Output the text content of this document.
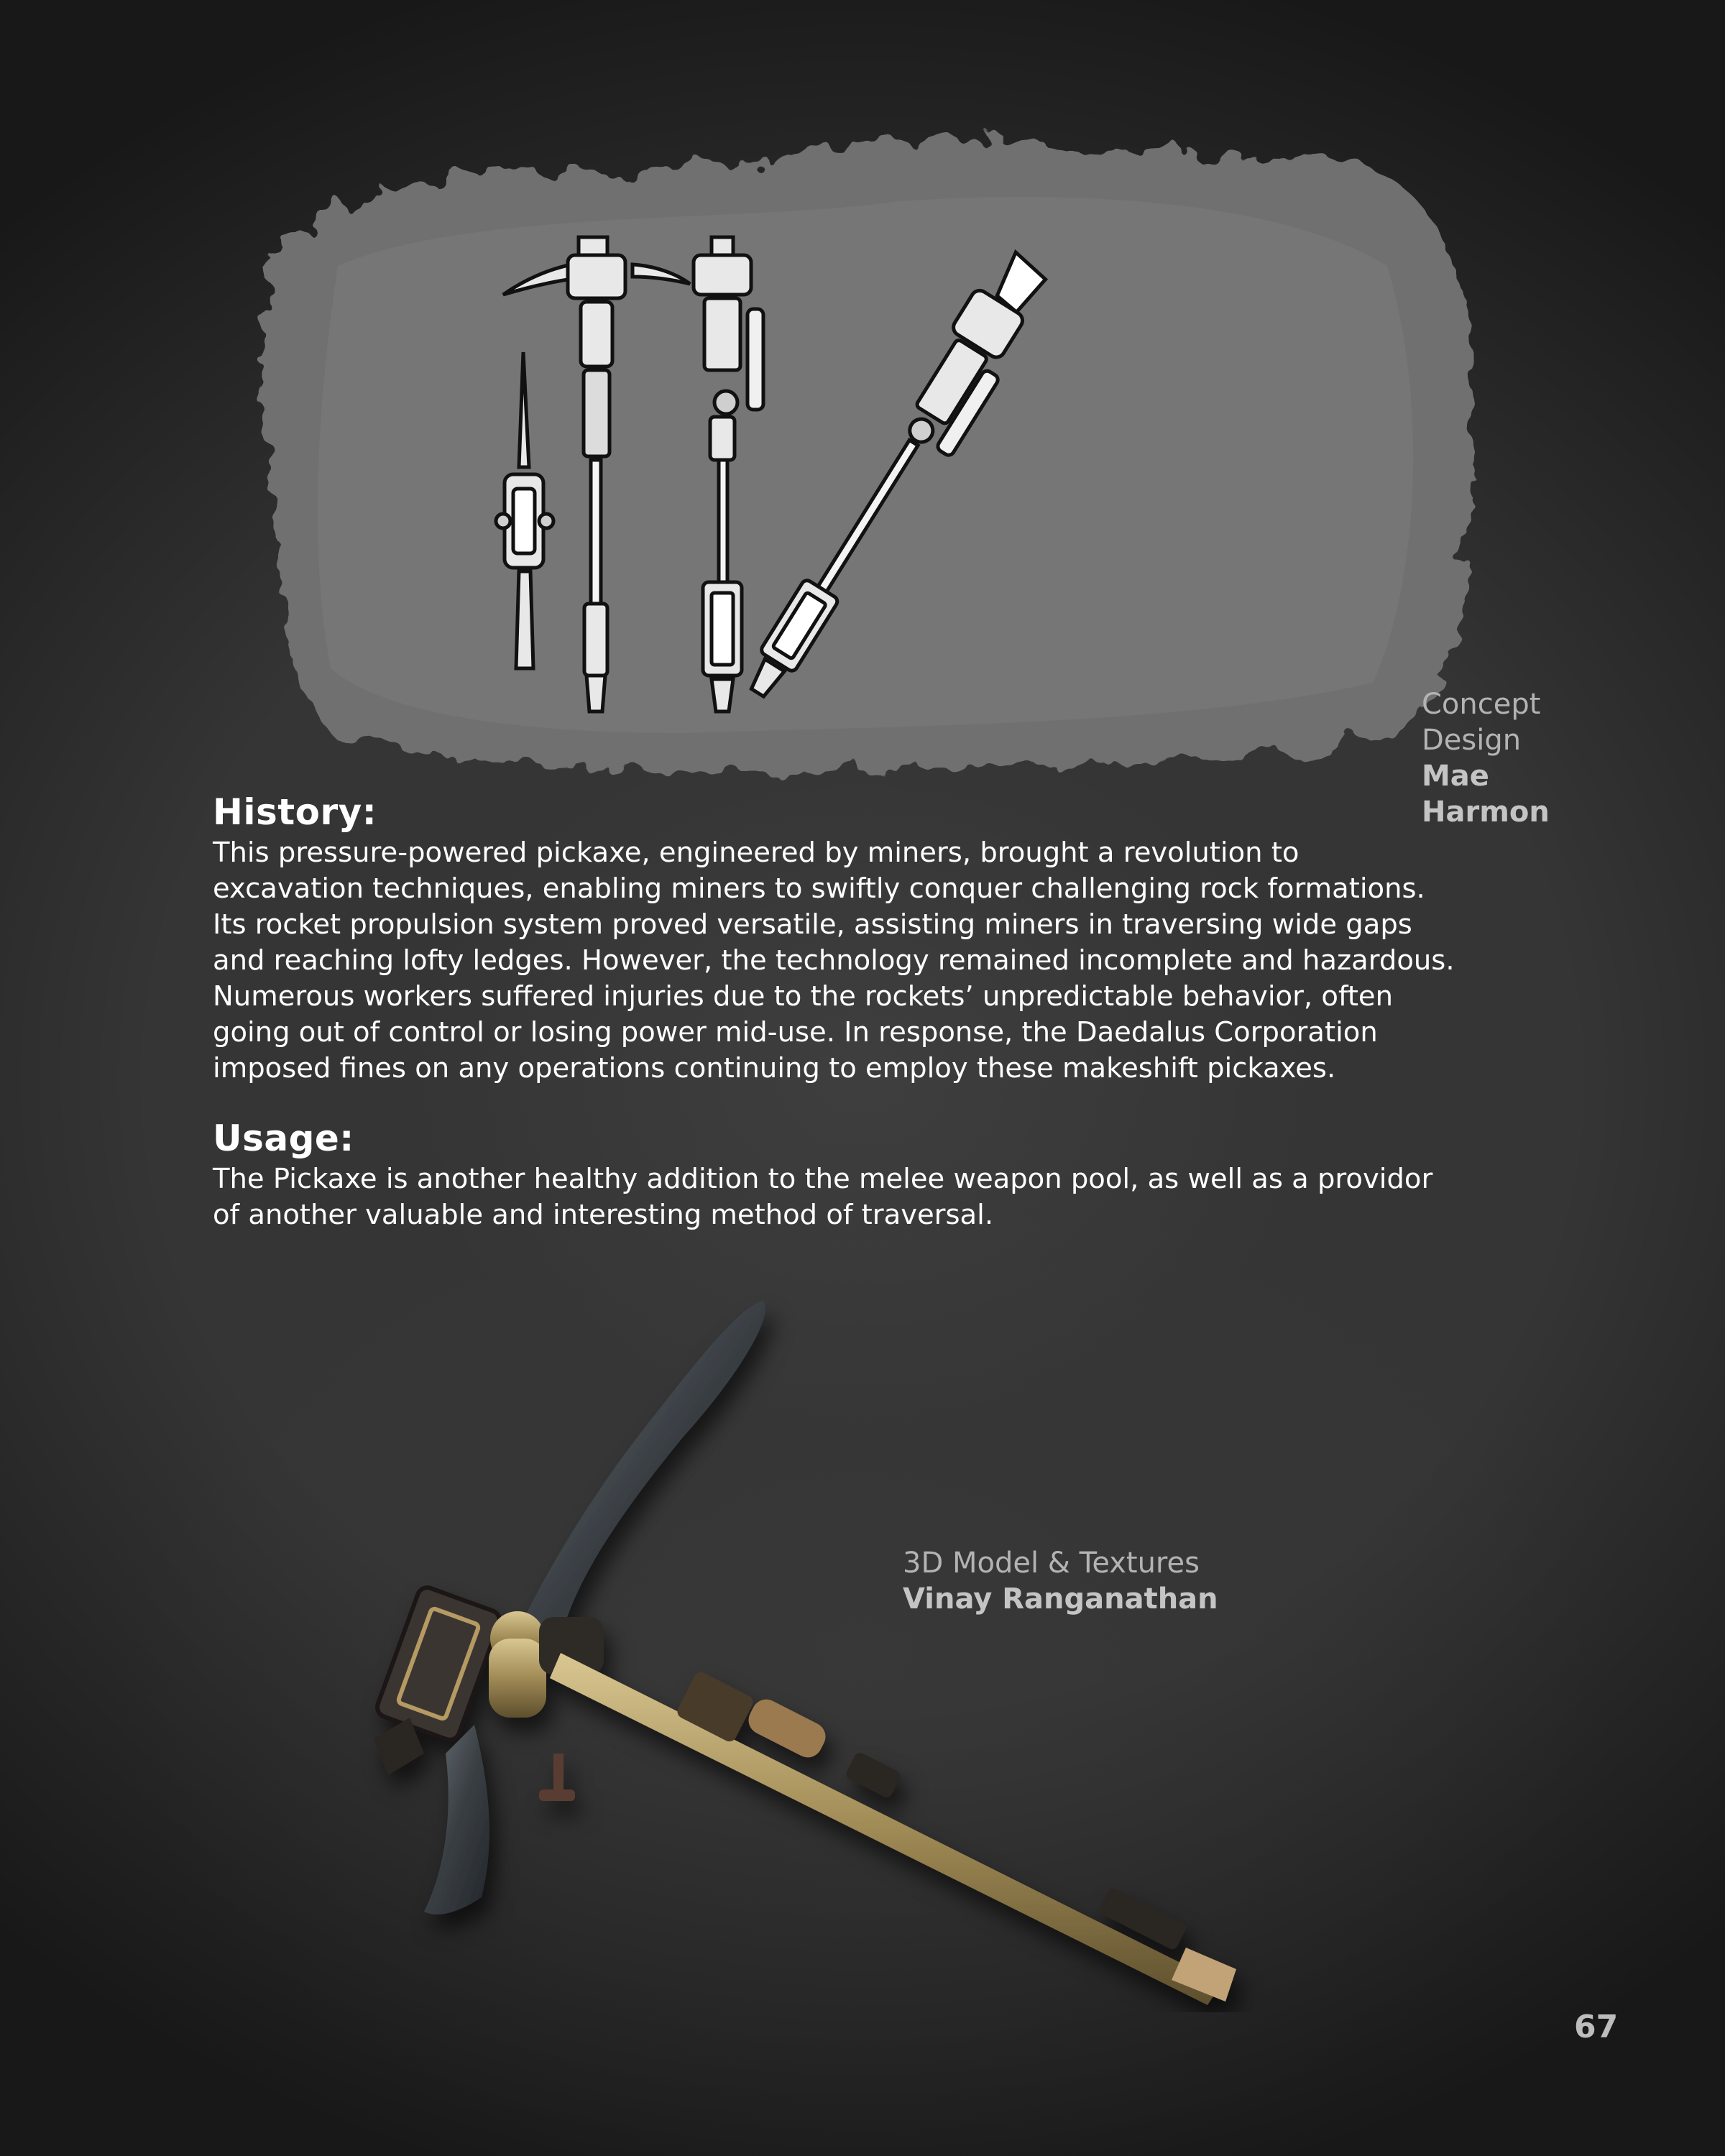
Concept Design
Mae Harmon
History:

This pressure-powered pickaxe, engineered by miners, brought a revolution to
excavation techniques, enabling miners to swiftly conquer challenging rock formations.
Its rocket propulsion system proved versatile, assisting miners in traversing wide gaps
and reaching lofty ledges. However, the technology remained incomplete and hazardous.
Numerous workers suffered injuries due to the rockets’ unpredictable behavior, often
going out of control or losing power mid-use. In response, the Daedalus Corporation
imposed fines on any operations continuing to employ these makeshift pickaxes.

Usage:

The Pickaxe is another healthy addition to the melee weapon pool, as well as a providor
of another valuable and interesting method of traversal.

3D Model & Textures
Vinay Ranganathan
67
